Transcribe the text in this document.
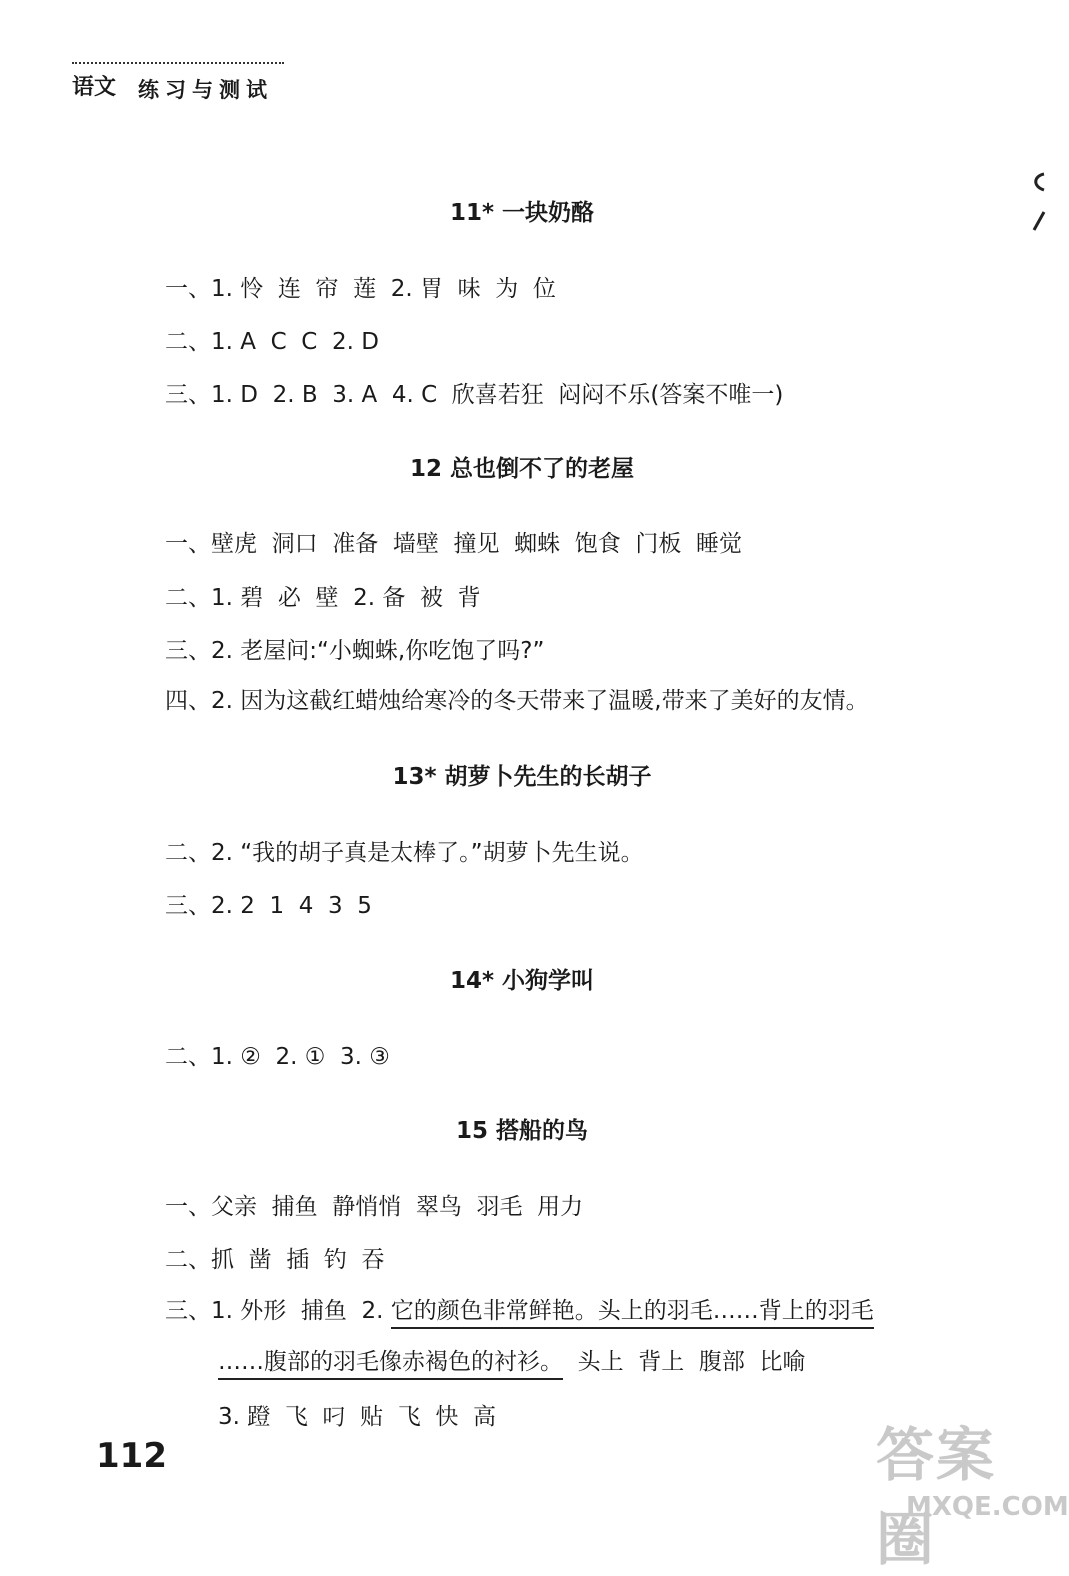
语文 练习与测试
11* 一块奶酪
一、1. 怜  连  帘  莲  2. 胃  味  为  位
二、1. A  C  C  2. D
三、1. D  2. B  3. A  4. C  欣喜若狂  闷闷不乐(答案不唯一)
12 总也倒不了的老屋
一、壁虎  洞口  准备  墙壁  撞见  蜘蛛  饱食  门板  睡觉
二、1. 碧  必  壁  2. 备  被  背
三、2. 老屋问:“小蜘蛛,你吃饱了吗?”
四、2. 因为这截红蜡烛给寒冷的冬天带来了温暖,带来了美好的友情。
13* 胡萝卜先生的长胡子
二、2. “我的胡子真是太棒了。”胡萝卜先生说。
三、2. 2  1  4  3  5
14* 小狗学叫
二、1. ②  2. ①  3. ③
15 搭船的鸟
一、父亲  捕鱼  静悄悄  翠鸟  羽毛  用力
二、抓  凿  插  钓  吞
三、1. 外形  捕鱼  2. 它的颜色非常鲜艳。头上的羽毛……背上的羽毛
……腹部的羽毛像赤褐色的衬衫。  头上  背上  腹部  比喻
3. 蹬  飞  叼  贴  飞  快  高
112	答案圈
MXQE.COM
